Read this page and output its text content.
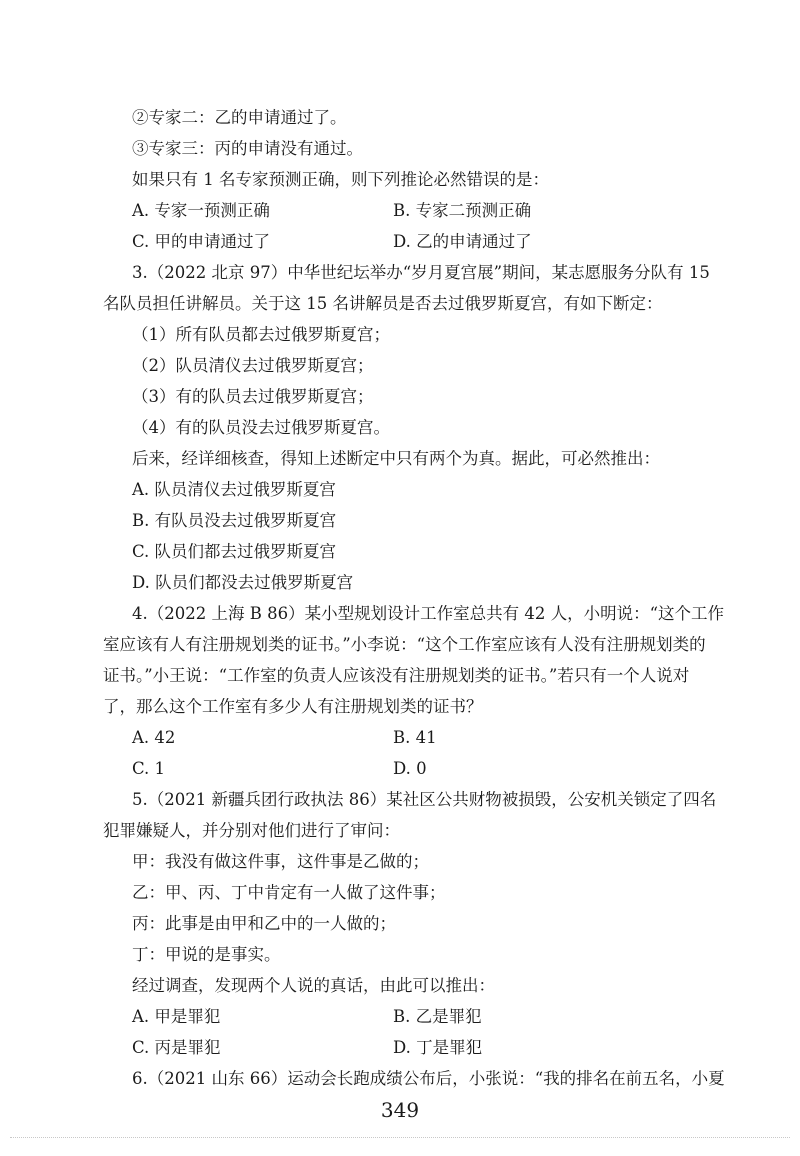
②专家二：乙的申请通过了。
③专家三：丙的申请没有通过。
如果只有 1 名专家预测正确，则下列推论必然错误的是：
A. 专家一预测正确	B. 专家二预测正确
C. 甲的申请通过了	D. 乙的申请通过了
3.（2022 北京 97）中华世纪坛举办“岁月夏宫展”期间，某志愿服务分队有 15
名队员担任讲解员。关于这 15 名讲解员是否去过俄罗斯夏宫，有如下断定：
（1）所有队员都去过俄罗斯夏宫；
（2）队员清仪去过俄罗斯夏宫；
（3）有的队员去过俄罗斯夏宫；
（4）有的队员没去过俄罗斯夏宫。
后来，经详细核查，得知上述断定中只有两个为真。据此，可必然推出：
A. 队员清仪去过俄罗斯夏宫
B. 有队员没去过俄罗斯夏宫
C. 队员们都去过俄罗斯夏宫
D. 队员们都没去过俄罗斯夏宫
4.（2022 上海 B 86）某小型规划设计工作室总共有 42 人，小明说：“这个工作
室应该有人有注册规划类的证书。”小李说：“这个工作室应该有人没有注册规划类的
证书。”小王说：“工作室的负责人应该没有注册规划类的证书。”若只有一个人说对
了，那么这个工作室有多少人有注册规划类的证书？
A. 42	B. 41
C. 1	D. 0
5.（2021 新疆兵团行政执法 86）某社区公共财物被损毁，公安机关锁定了四名
犯罪嫌疑人，并分别对他们进行了审问：
甲：我没有做这件事，这件事是乙做的；
乙：甲、丙、丁中肯定有一人做了这件事；
丙：此事是由甲和乙中的一人做的；
丁：甲说的是事实。
经过调查，发现两个人说的真话，由此可以推出：
A. 甲是罪犯	B. 乙是罪犯
C. 丙是罪犯	D. 丁是罪犯
6.（2021 山东 66）运动会长跑成绩公布后，小张说：“我的排名在前五名，小夏
349
